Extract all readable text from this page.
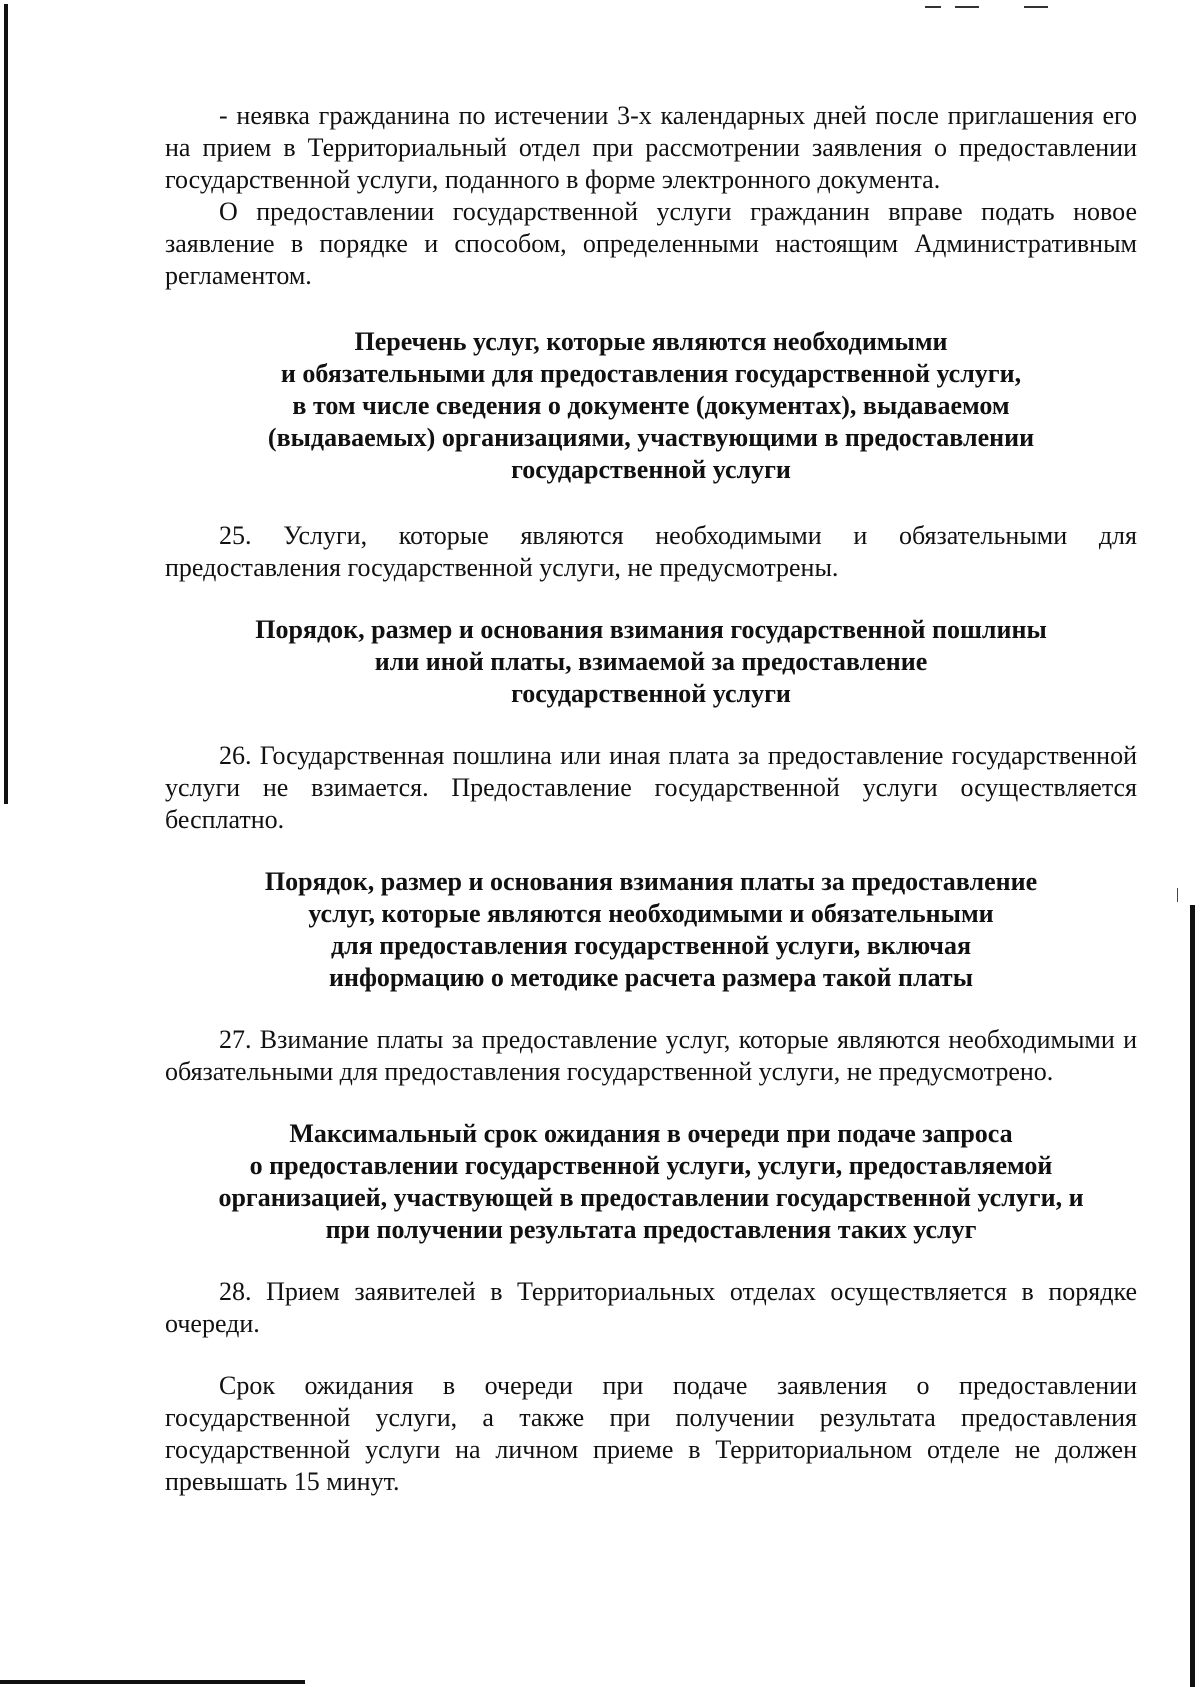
- неявка гражданина по истечении 3-х календарных дней после приглашения его на прием в Территориальный отдел при рассмотрении заявления о предоставлении государственной услуги, поданного в форме электронного документа.

О предоставлении государственной услуги гражданин вправе подать новое заявление в порядке и способом, определенными настоящим Административным регламентом.

Перечень услуг, которые являются необходимыми
и обязательными для предоставления государственной услуги,
в том числе сведения о документе (документах), выдаваемом
(выдаваемых) организациями, участвующими в предоставлении
государственной услуги

25. Услуги, которые являются необходимыми и обязательными для предоставления государственной услуги, не предусмотрены.

Порядок, размер и основания взимания государственной пошлины
или иной платы, взимаемой за предоставление
государственной услуги

26. Государственная пошлина или иная плата за предоставление государственной услуги не взимается. Предоставление государственной услуги осуществляется бесплатно.

Порядок, размер и основания взимания платы за предоставление
услуг, которые являются необходимыми и обязательными
для предоставления государственной услуги, включая
информацию о методике расчета размера такой платы

27. Взимание платы за предоставление услуг, которые являются необходимыми и обязательными для предоставления государственной услуги, не предусмотрено.

Максимальный срок ожидания в очереди при подаче запроса
о предоставлении государственной услуги, услуги, предоставляемой
организацией, участвующей в предоставлении государственной услуги, и
при получении результата предоставления таких услуг

28. Прием заявителей в Территориальных отделах осуществляется в порядке очереди.

Срок ожидания в очереди при подаче заявления о предоставлении государственной услуги, а также при получении результата предоставления государственной услуги на личном приеме в Территориальном отделе не должен превышать 15 минут.
